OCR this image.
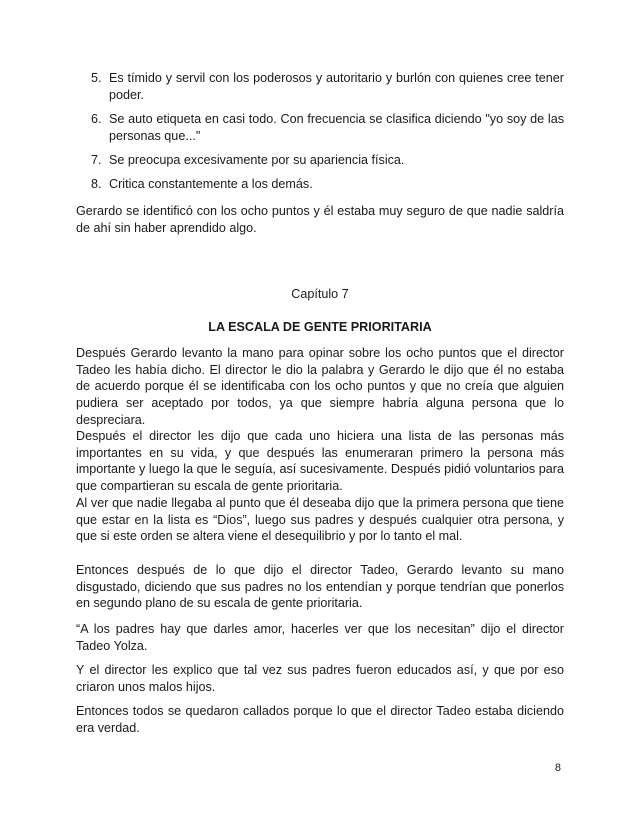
5. Es tímido y servil con los poderosos y autoritario y burlón con quienes cree tener poder.
6. Se auto etiqueta en casi todo. Con frecuencia se clasifica diciendo "yo soy de las personas que..."
7. Se preocupa excesivamente por su apariencia física.
8. Critica constantemente a los demás.

Gerardo se identificó con los ocho puntos y él estaba muy seguro de que nadie saldría de ahí sin haber aprendido algo.

Capítulo 7
LA ESCALA DE GENTE PRIORITARIA

Después Gerardo levanto la mano para opinar sobre los ocho puntos que el director Tadeo les había dicho. El director le dio la palabra y Gerardo le dijo que él no estaba de acuerdo porque él se identificaba con los ocho puntos y que no creía que alguien pudiera ser aceptado por todos, ya que siempre habría alguna persona que lo despreciara.

Después el director les dijo que cada uno hiciera una lista de las personas más importantes en su vida, y que después las enumeraran primero la persona más importante y luego la que le seguía, así sucesivamente. Después pidió voluntarios para que compartieran su escala de gente prioritaria.

Al ver que nadie llegaba al punto que él deseaba dijo que la primera persona que tiene que estar en la lista es “Dios”, luego sus padres y después cualquier otra persona, y que si este orden se altera viene el desequilibrio y por lo tanto el mal.

Entonces después de lo que dijo el director Tadeo, Gerardo levanto su mano disgustado, diciendo que sus padres no los entendían y porque tendrían que ponerlos en segundo plano de su escala de gente prioritaria.

“A los padres hay que darles amor, hacerles ver que los necesitan” dijo el director Tadeo Yolza.

Y el director les explico que tal vez sus padres fueron educados así, y que por eso criaron unos malos hijos.

Entonces todos se quedaron callados porque lo que el director Tadeo estaba diciendo era verdad.

8
